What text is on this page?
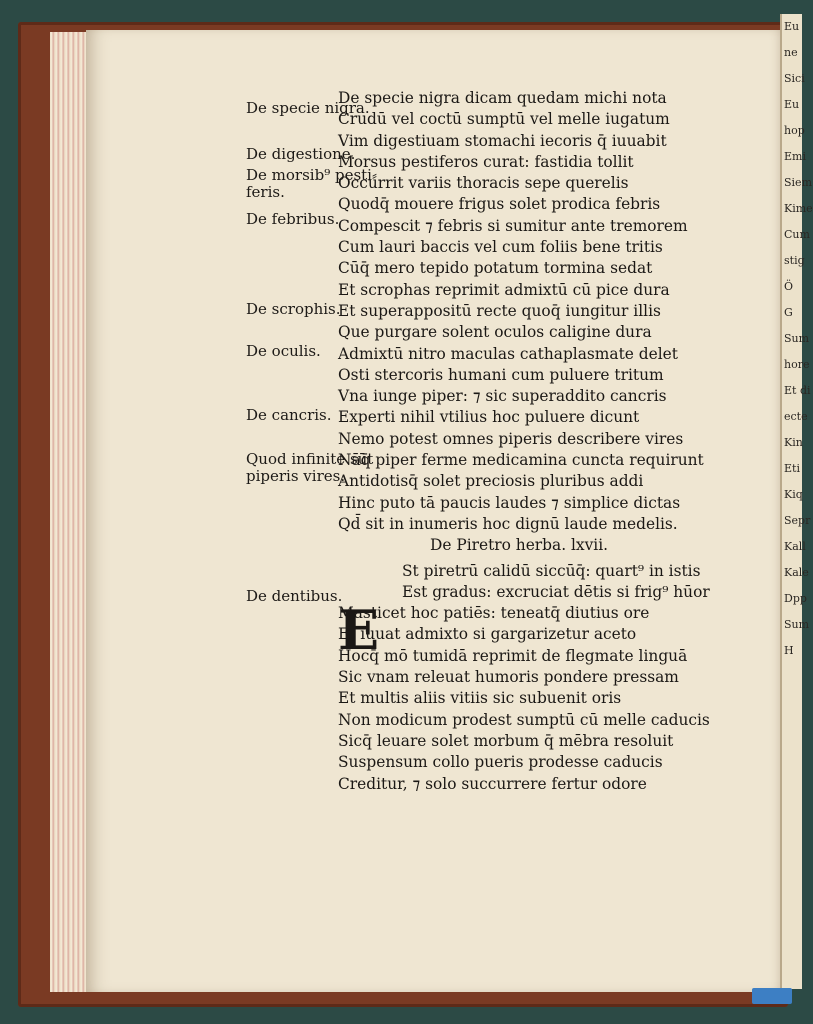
De specie nigra.
De digestione.
De morsib⁹ pesti⸗
feris.
De febribus.
De scrophis.
De oculis.
De cancris.
Quod infinite sūt
piperis vires.
De dentibus.
De specie nigra dicam quedam michi nota
Crudū vel coctū sumptū vel melle iugatum
Vim digestiuam stomachi iecoris q̄ iuuabit
Morsus pestiferos curat: fastidia tollit
Occurrit variis thoracis sepe querelis
Quodq̄ mouere frigus solet prodica febris
Compescit ⁊ febris si sumitur ante tremorem
Cum lauri baccis vel cum foliis bene tritis
Cūq̄ mero tepido potatum tormina sedat
Et scrophas reprimit admixtū cū pice dura
Et superappositū recte quoq̄ iungitur illis
Que purgare solent oculos caligine dura
Admixtū nitro maculas cathaplasmate delet
Osti stercoris humani cum puluere tritum
Vna iunge piper: ⁊ sic superaddito cancris
Experti nihil vtilius hoc puluere dicunt
Nemo potest omnes piperis describere vires
Nāq̄ piper ferme medicamina cuncta requirunt
Antidotisq̄ solet preciosis pluribus addi
Hinc puto tā paucis laudes ⁊ simplice dictas
Qd̄ sit in inumeris hoc dignū laude medelis.
De Piretro herba. lxvii.
St piretrū calidū siccūq̄: quart⁹ in istis
Est gradus: excruciat dētis si frig⁹ hūor
Masticet hoc patiēs: teneatq̄ diutius ore
Et iuuat admixto si gargarizetur aceto
Hocq̄ mō tumidā reprimit de flegmate linguā
Sic vnam releuat humoris pondere pressam
Et multis aliis vitiis sic subuenit oris
Non modicum prodest sumptū cū melle caducis
Sicq̄ leuare solet morbum q̄ mēbra resoluit
Suspensum collo pueris prodesse caducis
Creditur, ⁊ solo succurrere fertur odore
E
Eu
ne
Sici
Eu
hop
Emi
Siem
Kime
Cum
stig
Ö
G
Sum
hore
Et di
ecte
Kin
Eti
Kiq
Sepr
Kall
Kale
Dpp
Sum
H
